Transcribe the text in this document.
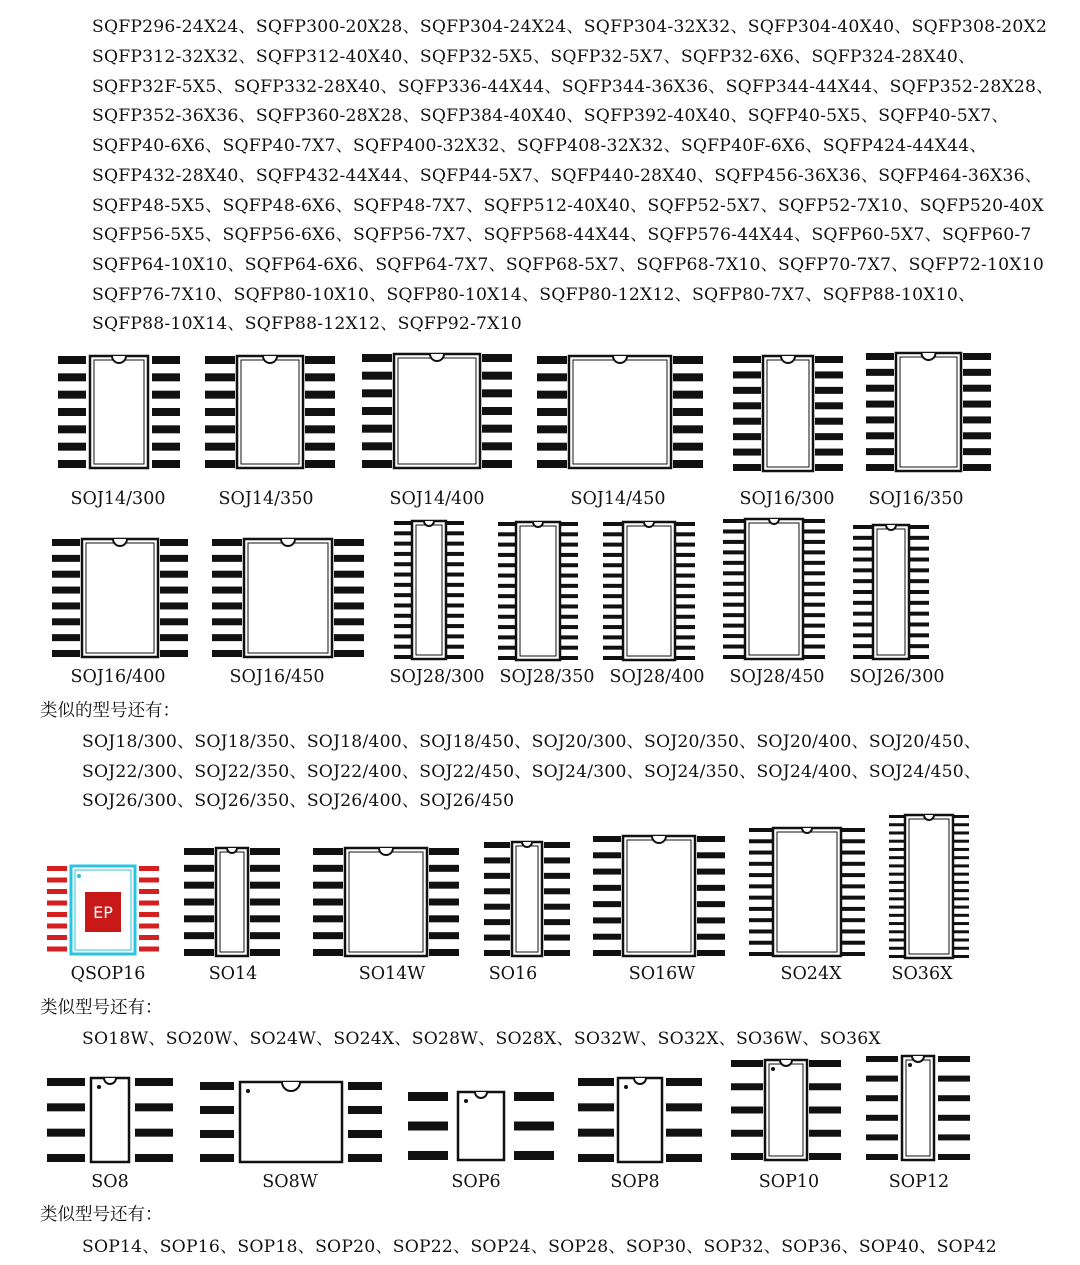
SQFP296-24X24、SQFP300-20X28、SQFP304-24X24、SQFP304-32X32、SQFP304-40X40、SQFP308-20X2
SQFP312-32X32、SQFP312-40X40、SQFP32-5X5、SQFP32-5X7、SQFP32-6X6、SQFP324-28X40、
SQFP32F-5X5、SQFP332-28X40、SQFP336-44X44、SQFP344-36X36、SQFP344-44X44、SQFP352-28X28、
SQFP352-36X36、SQFP360-28X28、SQFP384-40X40、SQFP392-40X40、SQFP40-5X5、SQFP40-5X7、
SQFP40-6X6、SQFP40-7X7、SQFP400-32X32、SQFP408-32X32、SQFP40F-6X6、SQFP424-44X44、
SQFP432-28X40、SQFP432-44X44、SQFP44-5X7、SQFP440-28X40、SQFP456-36X36、SQFP464-36X36、
SQFP48-5X5、SQFP48-6X6、SQFP48-7X7、SQFP512-40X40、SQFP52-5X7、SQFP52-7X10、SQFP520-40X
SQFP56-5X5、SQFP56-6X6、SQFP56-7X7、SQFP568-44X44、SQFP576-44X44、SQFP60-5X7、SQFP60-7
SQFP64-10X10、SQFP64-6X6、SQFP64-7X7、SQFP68-5X7、SQFP68-7X10、SQFP70-7X7、SQFP72-10X10
SQFP76-7X10、SQFP80-10X10、SQFP80-10X14、SQFP80-12X12、SQFP80-7X7、SQFP88-10X10、
SQFP88-10X14、SQFP88-12X12、SQFP92-7X10
EP
SOJ14/300	SOJ14/350	SOJ14/400	SOJ14/450	SOJ16/300 SOJ16/350
SOJ16/400	SOJ16/450	SOJ28/300 SOJ28/350 SOJ28/400 SOJ28/450 SOJ26/300
类似的型号还有：
SOJ18/300、SOJ18/350、SOJ18/400、SOJ18/450、SOJ20/300、SOJ20/350、SOJ20/400、SOJ20/450、
SOJ22/300、SOJ22/350、SOJ22/400、SOJ22/450、SOJ24/300、SOJ24/350、SOJ24/400、SOJ24/450、
SOJ26/300、SOJ26/350、SOJ26/400、SOJ26/450
QSOP16	SO14	SO14W	SO16	SO16W	SO24X	SO36X
类似型号还有：
SO18W、SO20W、SO24W、SO24X、SO28W、SO28X、SO32W、SO32X、SO36W、SO36X
SO8	SO8W	SOP6	SOP8	SOP10	SOP12
类似型号还有：
SOP14、SOP16、SOP18、SOP20、SOP22、SOP24、SOP28、SOP30、SOP32、SOP36、SOP40、SOP42
